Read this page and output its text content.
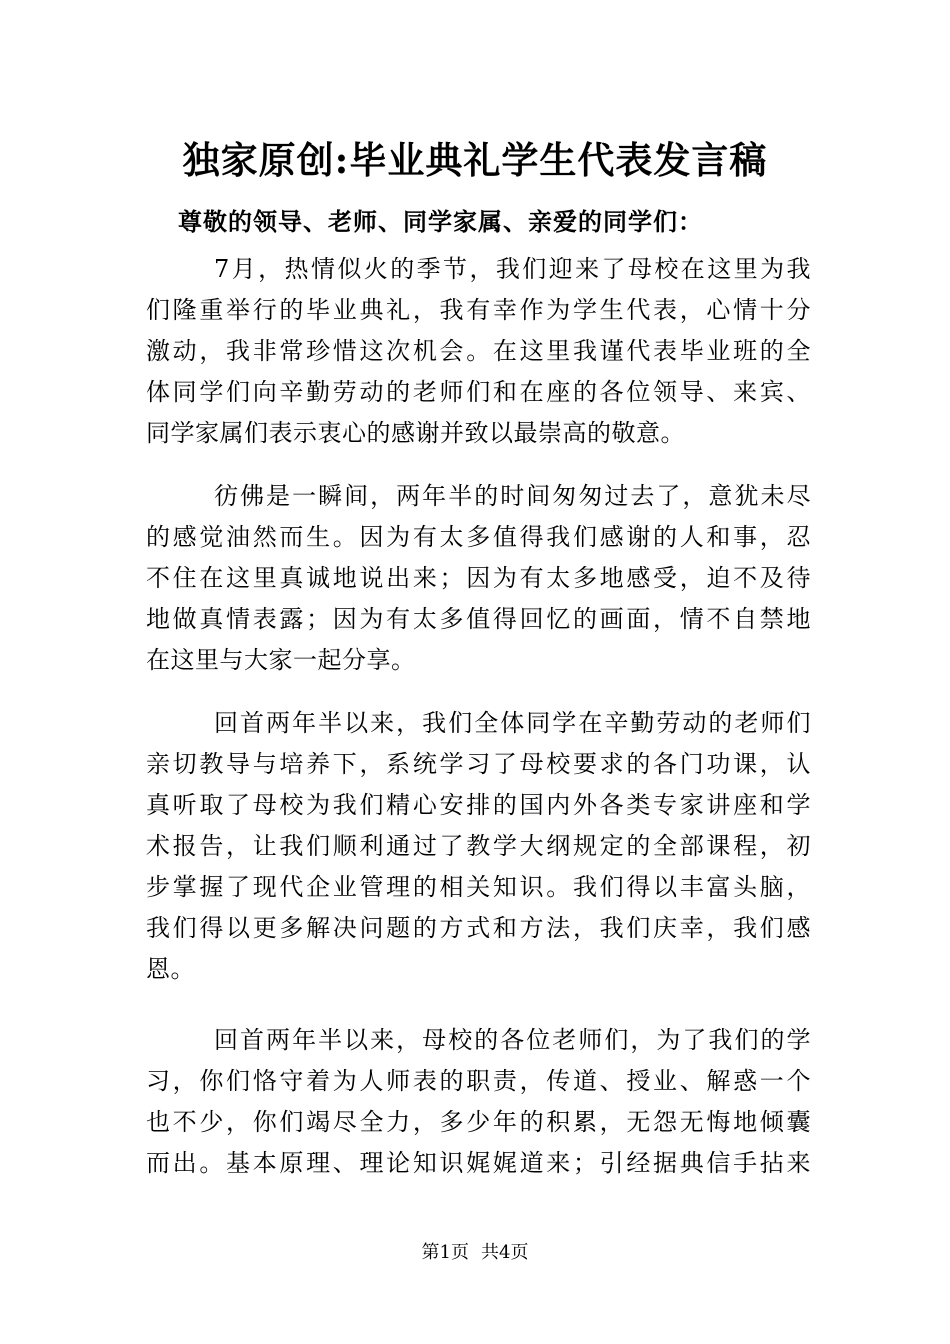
独家原创:毕业典礼学生代表发言稿
尊敬的领导、老师、同学家属、亲爱的同学们：
7月，热情似火的季节，我们迎来了母校在这里为我
们隆重举行的毕业典礼，我有幸作为学生代表，心情十分
激动，我非常珍惜这次机会。在这里我谨代表毕业班的全
体同学们向辛勤劳动的老师们和在座的各位领导、来宾、
同学家属们表示衷心的感谢并致以最崇高的敬意。
彷佛是一瞬间，两年半的时间匆匆过去了，意犹未尽
的感觉油然而生。因为有太多值得我们感谢的人和事，忍
不住在这里真诚地说出来；因为有太多地感受，迫不及待
地做真情表露；因为有太多值得回忆的画面，情不自禁地
在这里与大家一起分享。
回首两年半以来，我们全体同学在辛勤劳动的老师们
亲切教导与培养下，系统学习了母校要求的各门功课，认
真听取了母校为我们精心安排的国内外各类专家讲座和学
术报告，让我们顺利通过了教学大纲规定的全部课程，初
步掌握了现代企业管理的相关知识。我们得以丰富头脑，
我们得以更多解决问题的方式和方法，我们庆幸，我们感
恩。
回首两年半以来，母校的各位老师们，为了我们的学
习，你们恪守着为人师表的职责，传道、授业、解惑一个
也不少，你们竭尽全力，多少年的积累，无怨无悔地倾囊
而出。基本原理、理论知识娓娓道来；引经据典信手拈来
第1页 共4页
